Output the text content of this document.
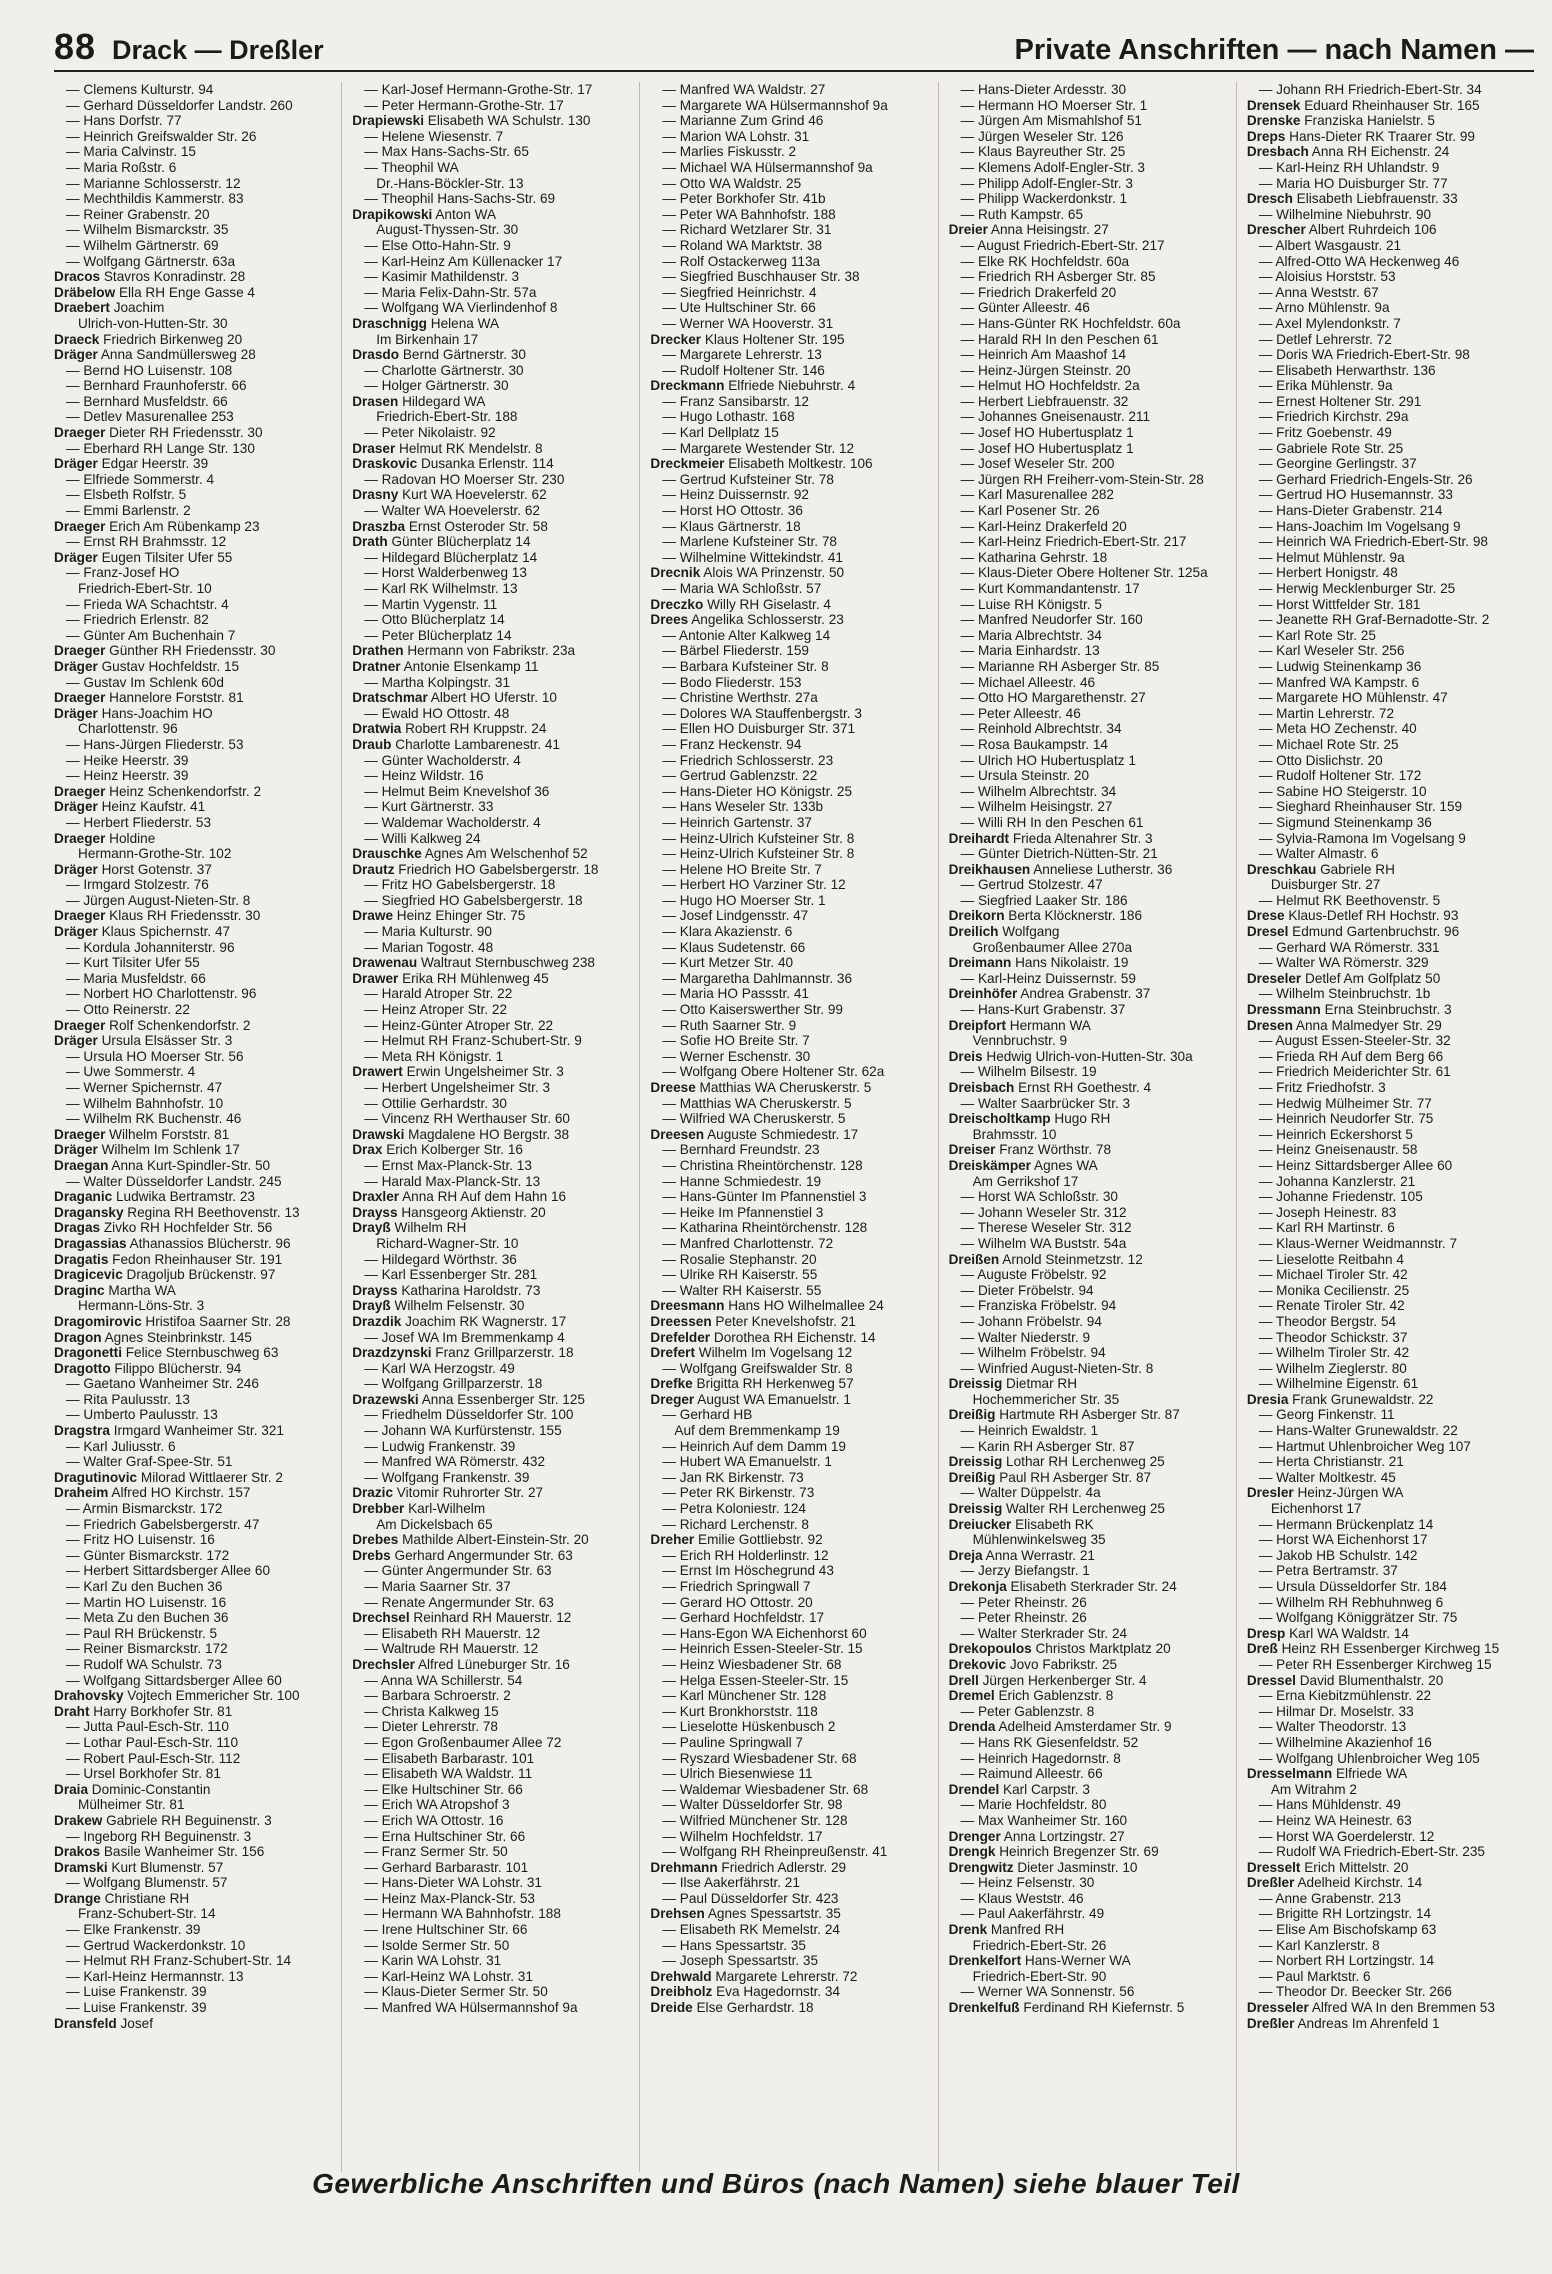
88 Drack — Dreßler	Private Anschriften — nach Namen —
— Clemens Kulturstr. 94
— Gerhard Düsseldorfer Landstr. 260
— Hans Dorfstr. 77
— Heinrich Greifswalder Str. 26
— Maria Calvinstr. 15
— Maria Roßstr. 6
— Marianne Schlosserstr. 12
— Mechthildis Kammerstr. 83
— Reiner Grabenstr. 20
— Wilhelm Bismarckstr. 35
— Wilhelm Gärtnerstr. 69
— Wolfgang Gärtnerstr. 63a
Dracos Stavros Konradinstr. 28
Dräbelow Ella RH Enge Gasse 4
Draebert Joachim
Ulrich-von-Hutten-Str. 30
Draeck Friedrich Birkenweg 20
Dräger Anna Sandmüllersweg 28
— Bernd HO Luisenstr. 108
— Bernhard Fraunhoferstr. 66
— Bernhard Musfeldstr. 66
— Detlev Masurenallee 253
Draeger Dieter RH Friedensstr. 30
— Eberhard RH Lange Str. 130
Dräger Edgar Heerstr. 39
— Elfriede Sommerstr. 4
— Elsbeth Rolfstr. 5
— Emmi Barlenstr. 2
Draeger Erich Am Rübenkamp 23
— Ernst RH Brahmsstr. 12
Dräger Eugen Tilsiter Ufer 55
— Franz-Josef HO
Friedrich-Ebert-Str. 10
— Frieda WA Schachtstr. 4
— Friedrich Erlenstr. 82
— Günter Am Buchenhain 7
Draeger Günther RH Friedensstr. 30
Dräger Gustav Hochfeldstr. 15
— Gustav Im Schlenk 60d
Draeger Hannelore Forststr. 81
Dräger Hans-Joachim HO
Charlottenstr. 96
— Hans-Jürgen Fliederstr. 53
— Heike Heerstr. 39
— Heinz Heerstr. 39
Draeger Heinz Schenkendorfstr. 2
Dräger Heinz Kaufstr. 41
— Herbert Fliederstr. 53
Draeger Holdine
Hermann-Grothe-Str. 102
Dräger Horst Gotenstr. 37
— Irmgard Stolzestr. 76
— Jürgen August-Nieten-Str. 8
Draeger Klaus RH Friedensstr. 30
Dräger Klaus Spichernstr. 47
— Kordula Johanniterstr. 96
— Kurt Tilsiter Ufer 55
— Maria Musfeldstr. 66
— Norbert HO Charlottenstr. 96
— Otto Reinerstr. 22
Draeger Rolf Schenkendorfstr. 2
Dräger Ursula Elsässer Str. 3
— Ursula HO Moerser Str. 56
— Uwe Sommerstr. 4
— Werner Spichernstr. 47
— Wilhelm Bahnhofstr. 10
— Wilhelm RK Buchenstr. 46
Draeger Wilhelm Forststr. 81
Dräger Wilhelm Im Schlenk 17
Draegan Anna Kurt-Spindler-Str. 50
— Walter Düsseldorfer Landstr. 245
Draganic Ludwika Bertramstr. 23
Dragansky Regina RH Beethovenstr. 13
Dragas Zivko RH Hochfelder Str. 56
Dragassias Athanassios Blücherstr. 96
Dragatis Fedon Rheinhauser Str. 191
Dragicevic Dragoljub Brückenstr. 97
Draginc Martha WA
Hermann-Löns-Str. 3
Dragomirovic Hristifoa Saarner Str. 28
Dragon Agnes Steinbrinkstr. 145
Dragonetti Felice Sternbuschweg 63
Dragotto Filippo Blücherstr. 94
— Gaetano Wanheimer Str. 246
— Rita Paulusstr. 13
— Umberto Paulusstr. 13
Dragstra Irmgard Wanheimer Str. 321
— Karl Juliusstr. 6
— Walter Graf-Spee-Str. 51
Dragutinovic Milorad Wittlaerer Str. 2
Draheim Alfred HO Kirchstr. 157
— Armin Bismarckstr. 172
— Friedrich Gabelsbergerstr. 47
— Fritz HO Luisenstr. 16
— Günter Bismarckstr. 172
— Herbert Sittardsberger Allee 60
— Karl Zu den Buchen 36
— Martin HO Luisenstr. 16
— Meta Zu den Buchen 36
— Paul RH Brückenstr. 5
— Reiner Bismarckstr. 172
— Rudolf WA Schulstr. 73
— Wolfgang Sittardsberger Allee 60
Drahovsky Vojtech Emmericher Str. 100
Draht Harry Borkhofer Str. 81
— Jutta Paul-Esch-Str. 110
— Lothar Paul-Esch-Str. 110
— Robert Paul-Esch-Str. 112
— Ursel Borkhofer Str. 81
Draia Dominic-Constantin
Mülheimer Str. 81
Drakew Gabriele RH Beguinenstr. 3
— Ingeborg RH Beguinenstr. 3
Drakos Basile Wanheimer Str. 156
Dramski Kurt Blumenstr. 57
— Wolfgang Blumenstr. 57
Drange Christiane RH
Franz-Schubert-Str. 14
— Elke Frankenstr. 39
— Gertrud Wackerdonkstr. 10
— Helmut RH Franz-Schubert-Str. 14
— Karl-Heinz Hermannstr. 13
— Luise Frankenstr. 39
— Luise Frankenstr. 39
Dransfeld Josef
— Karl-Josef Hermann-Grothe-Str. 17
— Peter Hermann-Grothe-Str. 17
Drapiewski Elisabeth WA Schulstr. 130
— Helene Wiesenstr. 7
— Max Hans-Sachs-Str. 65
— Theophil WA
Dr.-Hans-Böckler-Str. 13
— Theophil Hans-Sachs-Str. 69
Drapikowski Anton WA
August-Thyssen-Str. 30
— Else Otto-Hahn-Str. 9
— Karl-Heinz Am Küllenacker 17
— Kasimir Mathildenstr. 3
— Maria Felix-Dahn-Str. 57a
— Wolfgang WA Vierlindenhof 8
Draschnigg Helena WA
Im Birkenhain 17
Drasdo Bernd Gärtnerstr. 30
— Charlotte Gärtnerstr. 30
— Holger Gärtnerstr. 30
Drasen Hildegard WA
Friedrich-Ebert-Str. 188
— Peter Nikolaistr. 92
Draser Helmut RK Mendelstr. 8
Draskovic Dusanka Erlenstr. 114
— Radovan HO Moerser Str. 230
Drasny Kurt WA Hoevelerstr. 62
— Walter WA Hoevelerstr. 62
Draszba Ernst Osteroder Str. 58
Drath Günter Blücherplatz 14
— Hildegard Blücherplatz 14
— Horst Walderbenweg 13
— Karl RK Wilhelmstr. 13
— Martin Vygenstr. 11
— Otto Blücherplatz 14
— Peter Blücherplatz 14
Drathen Hermann von Fabrikstr. 23a
Dratner Antonie Elsenkamp 11
— Martha Kolpingstr. 31
Dratschmar Albert HO Uferstr. 10
— Ewald HO Ottostr. 48
Dratwia Robert RH Kruppstr. 24
Draub Charlotte Lambarenestr. 41
— Günter Wacholderstr. 4
— Heinz Wildstr. 16
— Helmut Beim Knevelshof 36
— Kurt Gärtnerstr. 33
— Waldemar Wacholderstr. 4
— Willi Kalkweg 24
Drauschke Agnes Am Welschenhof 52
Drautz Friedrich HO Gabelsbergerstr. 18
— Fritz HO Gabelsbergerstr. 18
— Siegfried HO Gabelsbergerstr. 18
Drawe Heinz Ehinger Str. 75
— Maria Kulturstr. 90
— Marian Togostr. 48
Drawenau Waltraut Sternbuschweg 238
Drawer Erika RH Mühlenweg 45
— Harald Atroper Str. 22
— Heinz Atroper Str. 22
— Heinz-Günter Atroper Str. 22
— Helmut RH Franz-Schubert-Str. 9
— Meta RH Königstr. 1
Drawert Erwin Ungelsheimer Str. 3
— Herbert Ungelsheimer Str. 3
— Ottilie Gerhardstr. 30
— Vincenz RH Werthauser Str. 60
Drawski Magdalene HO Bergstr. 38
Drax Erich Kolberger Str. 16
— Ernst Max-Planck-Str. 13
— Harald Max-Planck-Str. 13
Draxler Anna RH Auf dem Hahn 16
Drayss Hansgeorg Aktienstr. 20
Drayß Wilhelm RH
Richard-Wagner-Str. 10
— Hildegard Wörthstr. 36
— Karl Essenberger Str. 281
Drayss Katharina Haroldstr. 73
Drayß Wilhelm Felsenstr. 30
Drazdik Joachim RK Wagnerstr. 17
— Josef WA Im Bremmenkamp 4
Drazdzynski Franz Grillparzerstr. 18
— Karl WA Herzogstr. 49
— Wolfgang Grillparzerstr. 18
Drazewski Anna Essenberger Str. 125
— Friedhelm Düsseldorfer Str. 100
— Johann WA Kurfürstenstr. 155
— Ludwig Frankenstr. 39
— Manfred WA Römerstr. 432
— Wolfgang Frankenstr. 39
Drazic Vitomir Ruhrorter Str. 27
Drebber Karl-Wilhelm
Am Dickelsbach 65
Drebes Mathilde Albert-Einstein-Str. 20
Drebs Gerhard Angermunder Str. 63
— Günter Angermunder Str. 63
— Maria Saarner Str. 37
— Renate Angermunder Str. 63
Drechsel Reinhard RH Mauerstr. 12
— Elisabeth RH Mauerstr. 12
— Waltrude RH Mauerstr. 12
Drechsler Alfred Lüneburger Str. 16
— Anna WA Schillerstr. 54
— Barbara Schroerstr. 2
— Christa Kalkweg 15
— Dieter Lehrerstr. 78
— Egon Großenbaumer Allee 72
— Elisabeth Barbarastr. 101
— Elisabeth WA Waldstr. 11
— Elke Hultschiner Str. 66
— Erich WA Atropshof 3
— Erich WA Ottostr. 16
— Erna Hultschiner Str. 66
— Franz Sermer Str. 50
— Gerhard Barbarastr. 101
— Hans-Dieter WA Lohstr. 31
— Heinz Max-Planck-Str. 53
— Hermann WA Bahnhofstr. 188
— Irene Hultschiner Str. 66
— Isolde Sermer Str. 50
— Karin WA Lohstr. 31
— Karl-Heinz WA Lohstr. 31
— Klaus-Dieter Sermer Str. 50
— Manfred WA Hülsermannshof 9a
— Manfred WA Waldstr. 27
— Margarete WA Hülsermannshof 9a
— Marianne Zum Grind 46
— Marion WA Lohstr. 31
— Marlies Fiskusstr. 2
— Michael WA Hülsermannshof 9a
— Otto WA Waldstr. 25
— Peter Borkhofer Str. 41b
— Peter WA Bahnhofstr. 188
— Richard Wetzlarer Str. 31
— Roland WA Marktstr. 38
— Rolf Ostackerweg 113a
— Siegfried Buschhauser Str. 38
— Siegfried Heinrichstr. 4
— Ute Hultschiner Str. 66
— Werner WA Hooverstr. 31
Drecker Klaus Holtener Str. 195
— Margarete Lehrerstr. 13
— Rudolf Holtener Str. 146
Dreckmann Elfriede Niebuhrstr. 4
— Franz Sansibarstr. 12
— Hugo Lothastr. 168
— Karl Dellplatz 15
— Margarete Westender Str. 12
Dreckmeier Elisabeth Moltkestr. 106
— Gertrud Kufsteiner Str. 78
— Heinz Duissernstr. 92
— Horst HO Ottostr. 36
— Klaus Gärtnerstr. 18
— Marlene Kufsteiner Str. 78
— Wilhelmine Wittekindstr. 41
Drecnik Alois WA Prinzenstr. 50
— Maria WA Schloßstr. 57
Dreczko Willy RH Giselastr. 4
Drees Angelika Schlosserstr. 23
— Antonie Alter Kalkweg 14
— Bärbel Fliederstr. 159
— Barbara Kufsteiner Str. 8
— Bodo Fliederstr. 153
— Christine Werthstr. 27a
— Dolores WA Stauffenbergstr. 3
— Ellen HO Duisburger Str. 371
— Franz Heckenstr. 94
— Friedrich Schlosserstr. 23
— Gertrud Gablenzstr. 22
— Hans-Dieter HO Königstr. 25
— Hans Weseler Str. 133b
— Heinrich Gartenstr. 37
— Heinz-Ulrich Kufsteiner Str. 8
— Heinz-Ulrich Kufsteiner Str. 8
— Helene HO Breite Str. 7
— Herbert HO Varziner Str. 12
— Hugo HO Moerser Str. 1
— Josef Lindgensstr. 47
— Klara Akazienstr. 6
— Klaus Sudetenstr. 66
— Kurt Metzer Str. 40
— Margaretha Dahlmannstr. 36
— Maria HO Passstr. 41
— Otto Kaiserswerther Str. 99
— Ruth Saarner Str. 9
— Sofie HO Breite Str. 7
— Werner Eschenstr. 30
— Wolfgang Obere Holtener Str. 62a
Dreese Matthias WA Cheruskerstr. 5
— Matthias WA Cheruskerstr. 5
— Wilfried WA Cheruskerstr. 5
Dreesen Auguste Schmiedestr. 17
— Bernhard Freundstr. 23
— Christina Rheintörchenstr. 128
— Hanne Schmiedestr. 19
— Hans-Günter Im Pfannenstiel 3
— Heike Im Pfannenstiel 3
— Katharina Rheintörchenstr. 128
— Manfred Charlottenstr. 72
— Rosalie Stephanstr. 20
— Ulrike RH Kaiserstr. 55
— Walter RH Kaiserstr. 55
Dreesmann Hans HO Wilhelmallee 24
Dreessen Peter Knevelshofstr. 21
Drefelder Dorothea RH Eichenstr. 14
Drefert Wilhelm Im Vogelsang 12
— Wolfgang Greifswalder Str. 8
Drefke Brigitta RH Herkenweg 57
Dreger August WA Emanuelstr. 1
— Gerhard HB
Auf dem Bremmenkamp 19
— Heinrich Auf dem Damm 19
— Hubert WA Emanuelstr. 1
— Jan RK Birkenstr. 73
— Peter RK Birkenstr. 73
— Petra Koloniestr. 124
— Richard Lerchenstr. 8
Dreher Emilie Gottliebstr. 92
— Erich RH Holderlinstr. 12
— Ernst Im Höschegrund 43
— Friedrich Springwall 7
— Gerard HO Ottostr. 20
— Gerhard Hochfeldstr. 17
— Hans-Egon WA Eichenhorst 60
— Heinrich Essen-Steeler-Str. 15
— Heinz Wiesbadener Str. 68
— Helga Essen-Steeler-Str. 15
— Karl Münchener Str. 128
— Kurt Bronkhorststr. 118
— Lieselotte Hüskenbusch 2
— Pauline Springwall 7
— Ryszard Wiesbadener Str. 68
— Ulrich Biesenwiese 11
— Waldemar Wiesbadener Str. 68
— Walter Düsseldorfer Str. 98
— Wilfried Münchener Str. 128
— Wilhelm Hochfeldstr. 17
— Wolfgang RH Rheinpreußenstr. 41
Drehmann Friedrich Adlerstr. 29
— Ilse Aakerfährstr. 21
— Paul Düsseldorfer Str. 423
Drehsen Agnes Spessartstr. 35
— Elisabeth RK Memelstr. 24
— Hans Spessartstr. 35
— Joseph Spessartstr. 35
Drehwald Margarete Lehrerstr. 72
Dreibholz Eva Hagedornstr. 34
Dreide Else Gerhardstr. 18
— Hans-Dieter Ardesstr. 30
— Hermann HO Moerser Str. 1
— Jürgen Am Mismahlshof 51
— Jürgen Weseler Str. 126
— Klaus Bayreuther Str. 25
— Klemens Adolf-Engler-Str. 3
— Philipp Adolf-Engler-Str. 3
— Philipp Wackerdonkstr. 1
— Ruth Kampstr. 65
Dreier Anna Heisingstr. 27
— August Friedrich-Ebert-Str. 217
— Elke RK Hochfeldstr. 60a
— Friedrich RH Asberger Str. 85
— Friedrich Drakerfeld 20
— Günter Alleestr. 46
— Hans-Günter RK Hochfeldstr. 60a
— Harald RH In den Peschen 61
— Heinrich Am Maashof 14
— Heinz-Jürgen Steinstr. 20
— Helmut HO Hochfeldstr. 2a
— Herbert Liebfrauenstr. 32
— Johannes Gneisenaustr. 211
— Josef HO Hubertusplatz 1
— Josef HO Hubertusplatz 1
— Josef Weseler Str. 200
— Jürgen RH Freiherr-vom-Stein-Str. 28
— Karl Masurenallee 282
— Karl Posener Str. 26
— Karl-Heinz Drakerfeld 20
— Karl-Heinz Friedrich-Ebert-Str. 217
— Katharina Gehrstr. 18
— Klaus-Dieter Obere Holtener Str. 125a
— Kurt Kommandantenstr. 17
— Luise RH Königstr. 5
— Manfred Neudorfer Str. 160
— Maria Albrechtstr. 34
— Maria Einhardstr. 13
— Marianne RH Asberger Str. 85
— Michael Alleestr. 46
— Otto HO Margarethenstr. 27
— Peter Alleestr. 46
— Reinhold Albrechtstr. 34
— Rosa Baukampstr. 14
— Ulrich HO Hubertusplatz 1
— Ursula Steinstr. 20
— Wilhelm Albrechtstr. 34
— Wilhelm Heisingstr. 27
— Willi RH In den Peschen 61
Dreihardt Frieda Altenahrer Str. 3
— Günter Dietrich-Nütten-Str. 21
Dreikhausen Anneliese Lutherstr. 36
— Gertrud Stolzestr. 47
— Siegfried Laaker Str. 186
Dreikorn Berta Klöcknerstr. 186
Dreilich Wolfgang
Großenbaumer Allee 270a
Dreimann Hans Nikolaistr. 19
— Karl-Heinz Duissernstr. 59
Dreinhöfer Andrea Grabenstr. 37
— Hans-Kurt Grabenstr. 37
Dreipfort Hermann WA
Vennbruchstr. 9
Dreis Hedwig Ulrich-von-Hutten-Str. 30a
— Wilhelm Bilsestr. 19
Dreisbach Ernst RH Goethestr. 4
— Walter Saarbrücker Str. 3
Dreischoltkamp Hugo RH
Brahmsstr. 10
Dreiser Franz Wörthstr. 78
Dreiskämper Agnes WA
Am Gerrikshof 17
— Horst WA Schloßstr. 30
— Johann Weseler Str. 312
— Therese Weseler Str. 312
— Wilhelm WA Buststr. 54a
Dreißen Arnold Steinmetzstr. 12
— Auguste Fröbelstr. 92
— Dieter Fröbelstr. 94
— Franziska Fröbelstr. 94
— Johann Fröbelstr. 94
— Walter Niederstr. 9
— Wilhelm Fröbelstr. 94
— Winfried August-Nieten-Str. 8
Dreissig Dietmar RH
Hochemmericher Str. 35
Dreißig Hartmute RH Asberger Str. 87
— Heinrich Ewaldstr. 1
— Karin RH Asberger Str. 87
Dreissig Lothar RH Lerchenweg 25
Dreißig Paul RH Asberger Str. 87
— Walter Düppelstr. 4a
Dreissig Walter RH Lerchenweg 25
Dreiucker Elisabeth RK
Mühlenwinkelsweg 35
Dreja Anna Werrastr. 21
— Jerzy Biefangstr. 1
Drekonja Elisabeth Sterkrader Str. 24
— Peter Rheinstr. 26
— Peter Rheinstr. 26
— Walter Sterkrader Str. 24
Drekopoulos Christos Marktplatz 20
Drekovic Jovo Fabrikstr. 25
Drell Jürgen Herkenberger Str. 4
Dremel Erich Gablenzstr. 8
— Peter Gablenzstr. 8
Drenda Adelheid Amsterdamer Str. 9
— Hans RK Giesenfeldstr. 52
— Heinrich Hagedornstr. 8
— Raimund Alleestr. 66
Drendel Karl Carpstr. 3
— Marie Hochfeldstr. 80
— Max Wanheimer Str. 160
Drenger Anna Lortzingstr. 27
Drengk Heinrich Bregenzer Str. 69
Drengwitz Dieter Jasminstr. 10
— Heinz Felsenstr. 30
— Klaus Weststr. 46
— Paul Aakerfährstr. 49
Drenk Manfred RH
Friedrich-Ebert-Str. 26
Drenkelfort Hans-Werner WA
Friedrich-Ebert-Str. 90
— Werner WA Sonnenstr. 56
Drenkelfuß Ferdinand RH Kiefernstr. 5
— Johann RH Friedrich-Ebert-Str. 34
Drensek Eduard Rheinhauser Str. 165
Drenske Franziska Hanielstr. 5
Dreps Hans-Dieter RK Traarer Str. 99
Dresbach Anna RH Eichenstr. 24
— Karl-Heinz RH Uhlandstr. 9
— Maria HO Duisburger Str. 77
Dresch Elisabeth Liebfrauenstr. 33
— Wilhelmine Niebuhrstr. 90
Drescher Albert Ruhrdeich 106
— Albert Wasgaustr. 21
— Alfred-Otto WA Heckenweg 46
— Aloisius Horststr. 53
— Anna Weststr. 67
— Arno Mühlenstr. 9a
— Axel Mylendonkstr. 7
— Detlef Lehrerstr. 72
— Doris WA Friedrich-Ebert-Str. 98
— Elisabeth Herwarthstr. 136
— Erika Mühlenstr. 9a
— Ernest Holtener Str. 291
— Friedrich Kirchstr. 29a
— Fritz Goebenstr. 49
— Gabriele Rote Str. 25
— Georgine Gerlingstr. 37
— Gerhard Friedrich-Engels-Str. 26
— Gertrud HO Husemannstr. 33
— Hans-Dieter Grabenstr. 214
— Hans-Joachim Im Vogelsang 9
— Heinrich WA Friedrich-Ebert-Str. 98
— Helmut Mühlenstr. 9a
— Herbert Honigstr. 48
— Herwig Mecklenburger Str. 25
— Horst Wittfelder Str. 181
— Jeanette RH Graf-Bernadotte-Str. 2
— Karl Rote Str. 25
— Karl Weseler Str. 256
— Ludwig Steinenkamp 36
— Manfred WA Kampstr. 6
— Margarete HO Mühlenstr. 47
— Martin Lehrerstr. 72
— Meta HO Zechenstr. 40
— Michael Rote Str. 25
— Otto Dislichstr. 20
— Rudolf Holtener Str. 172
— Sabine HO Steigerstr. 10
— Sieghard Rheinhauser Str. 159
— Sigmund Steinenkamp 36
— Sylvia-Ramona Im Vogelsang 9
— Walter Almastr. 6
Dreschkau Gabriele RH
Duisburger Str. 27
— Helmut RK Beethovenstr. 5
Drese Klaus-Detlef RH Hochstr. 93
Dresel Edmund Gartenbruchstr. 96
— Gerhard WA Römerstr. 331
— Walter WA Römerstr. 329
Dreseler Detlef Am Golfplatz 50
— Wilhelm Steinbruchstr. 1b
Dressmann Erna Steinbruchstr. 3
Dresen Anna Malmedyer Str. 29
— August Essen-Steeler-Str. 32
— Frieda RH Auf dem Berg 66
— Friedrich Meiderichter Str. 61
— Fritz Friedhofstr. 3
— Hedwig Mülheimer Str. 77
— Heinrich Neudorfer Str. 75
— Heinrich Eckershorst 5
— Heinz Gneisenaustr. 58
— Heinz Sittardsberger Allee 60
— Johanna Kanzlerstr. 21
— Johanne Friedenstr. 105
— Joseph Heinestr. 83
— Karl RH Martinstr. 6
— Klaus-Werner Weidmannstr. 7
— Lieselotte Reitbahn 4
— Michael Tiroler Str. 42
— Monika Cecilienstr. 25
— Renate Tiroler Str. 42
— Theodor Bergstr. 54
— Theodor Schickstr. 37
— Wilhelm Tiroler Str. 42
— Wilhelm Zieglerstr. 80
— Wilhelmine Eigenstr. 61
Dresia Frank Grunewaldstr. 22
— Georg Finkenstr. 11
— Hans-Walter Grunewaldstr. 22
— Hartmut Uhlenbroicher Weg 107
— Herta Christianstr. 21
— Walter Moltkestr. 45
Dresler Heinz-Jürgen WA
Eichenhorst 17
— Hermann Brückenplatz 14
— Horst WA Eichenhorst 17
— Jakob HB Schulstr. 142
— Petra Bertramstr. 37
— Ursula Düsseldorfer Str. 184
— Wilhelm RH Rebhuhnweg 6
— Wolfgang Königgrätzer Str. 75
Dresp Karl WA Waldstr. 14
Dreß Heinz RH Essenberger Kirchweg 15
— Peter RH Essenberger Kirchweg 15
Dressel David Blumenthalstr. 20
— Erna Kiebitzmühlenstr. 22
— Hilmar Dr. Moselstr. 33
— Walter Theodorstr. 13
— Wilhelmine Akazienhof 16
— Wolfgang Uhlenbroicher Weg 105
Dresselmann Elfriede WA
Am Witrahm 2
— Hans Mühldenstr. 49
— Heinz WA Heinestr. 63
— Horst WA Goerdelerstr. 12
— Rudolf WA Friedrich-Ebert-Str. 235
Dresselt Erich Mittelstr. 20
Dreßler Adelheid Kirchstr. 14
— Anne Grabenstr. 213
— Brigitte RH Lortzingstr. 14
— Elise Am Bischofskamp 63
— Karl Kanzlerstr. 8
— Norbert RH Lortzingstr. 14
— Paul Marktstr. 6
— Theodor Dr. Beecker Str. 266
Dresseler Alfred WA In den Bremmen 53
Dreßler Andreas Im Ahrenfeld 1
Gewerbliche Anschriften und Büros (nach Namen) siehe blauer Teil
